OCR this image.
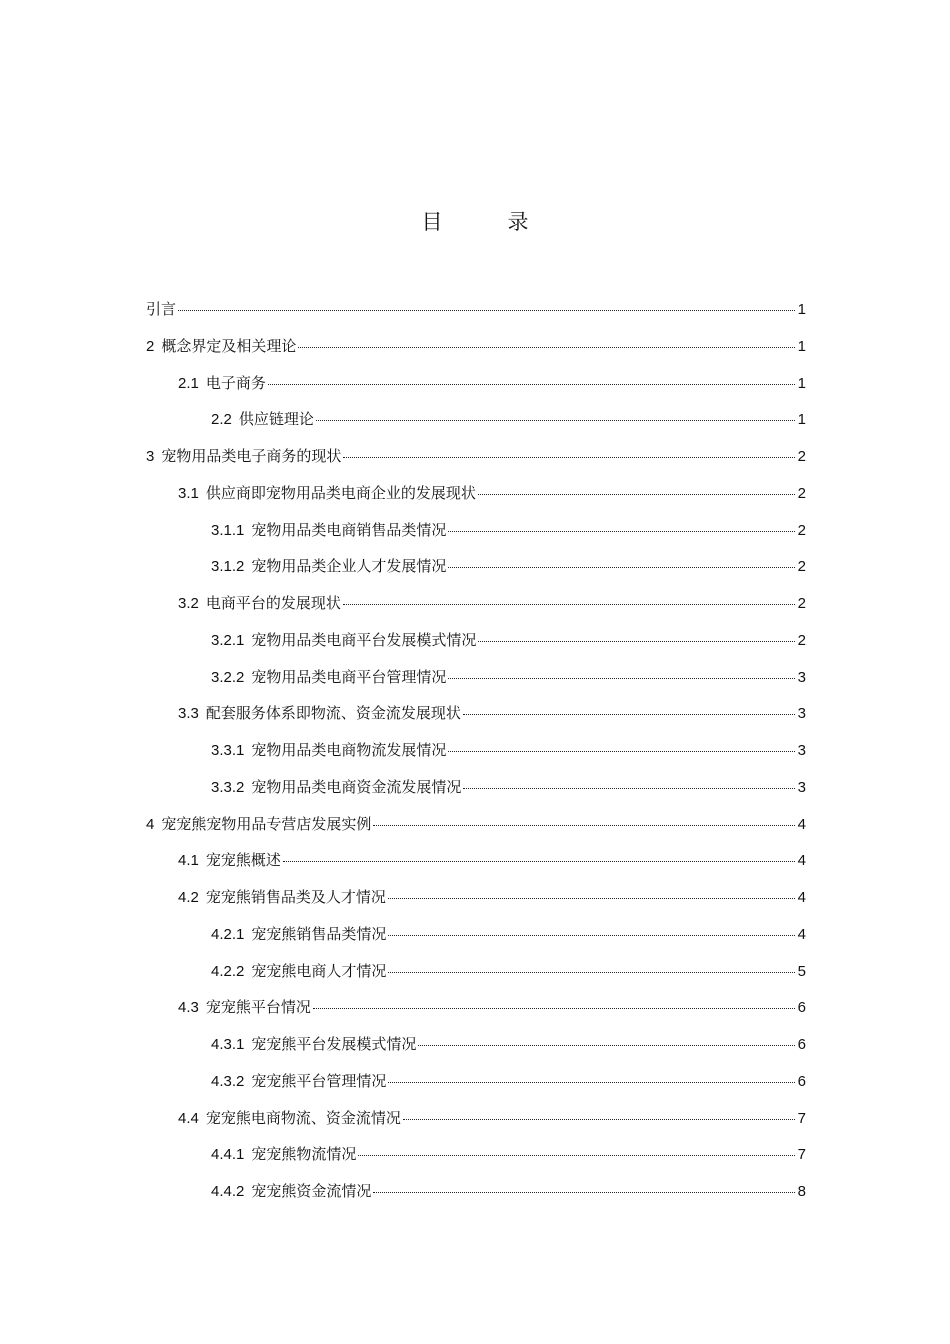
目　录
引言	1
2 概念界定及相关理论	1
2.1 电子商务	1
2.2 供应链理论	1
3 宠物用品类电子商务的现状	2
3.1 供应商即宠物用品类电商企业的发展现状	2
3.1.1 宠物用品类电商销售品类情况	2
3.1.2 宠物用品类企业人才发展情况	2
3.2 电商平台的发展现状	2
3.2.1 宠物用品类电商平台发展模式情况	2
3.2.2 宠物用品类电商平台管理情况	3
3.3 配套服务体系即物流、资金流发展现状	3
3.3.1 宠物用品类电商物流发展情况	3
3.3.2 宠物用品类电商资金流发展情况	3
4 宠宠熊宠物用品专营店发展实例	4
4.1 宠宠熊概述	4
4.2 宠宠熊销售品类及人才情况	4
4.2.1 宠宠熊销售品类情况	4
4.2.2 宠宠熊电商人才情况	5
4.3 宠宠熊平台情况	6
4.3.1 宠宠熊平台发展模式情况	6
4.3.2 宠宠熊平台管理情况	6
4.4 宠宠熊电商物流、资金流情况	7
4.4.1 宠宠熊物流情况	7
4.4.2 宠宠熊资金流情况	8
